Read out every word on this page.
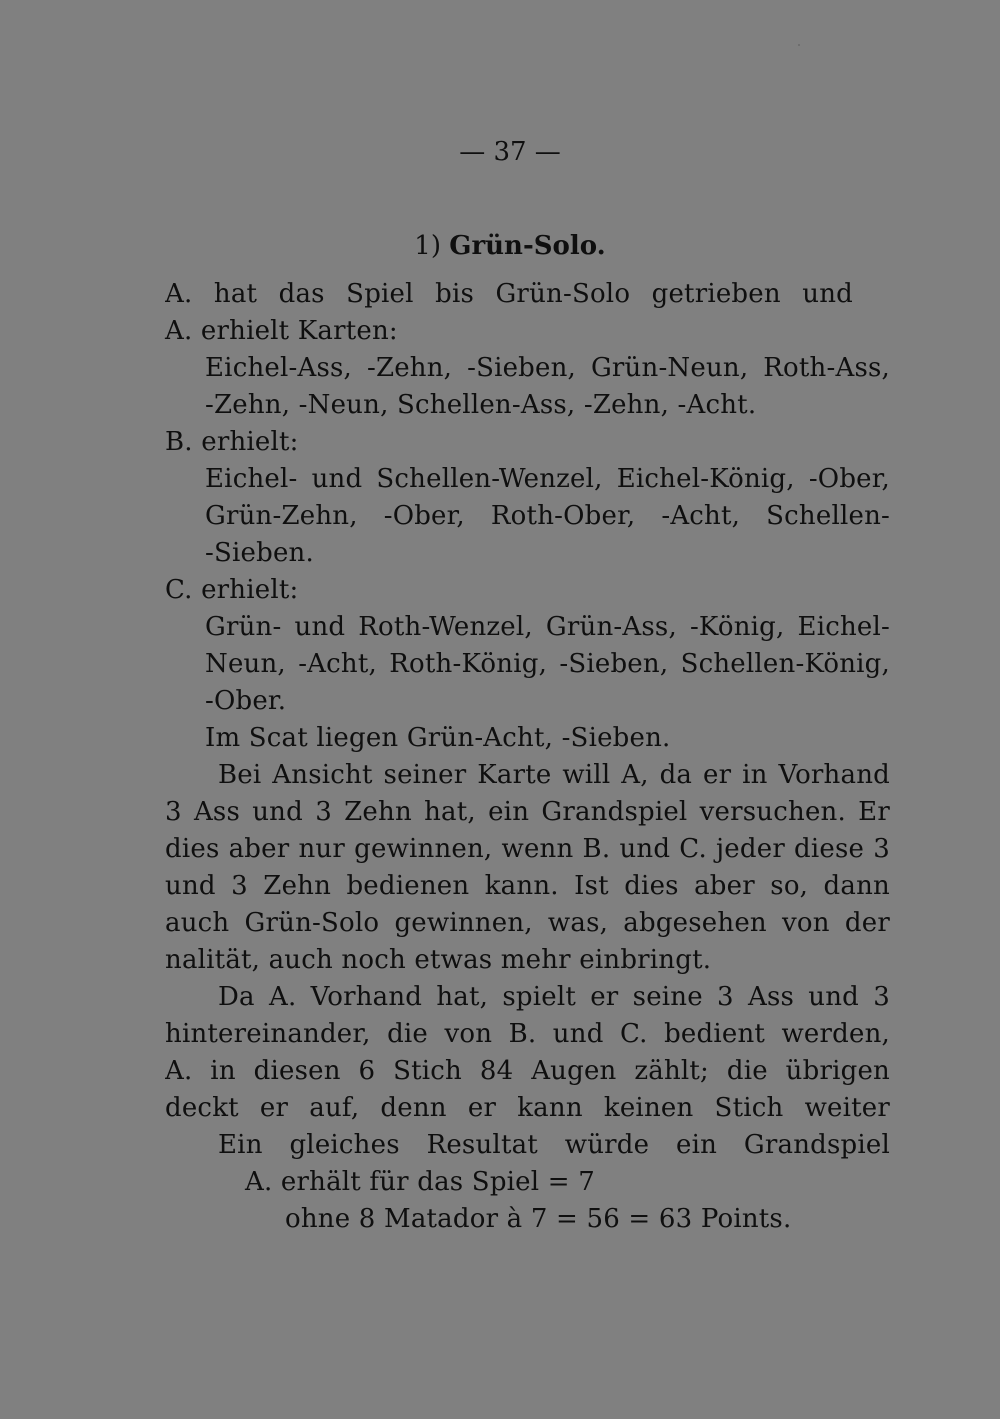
— 37 —
1) Grün-Solo.
A. hat das Spiel bis Grün-Solo getrieben und
A. erhielt Karten:
Eichel-Ass, -Zehn, -Sieben, Grün-Neun, Roth-Ass,
-Zehn, -Neun, Schellen-Ass, -Zehn, -Acht.
B. erhielt:
Eichel- und Schellen-Wenzel, Eichel-König, -Ober,
Grün-Zehn, -Ober, Roth-Ober, -Acht, Schellen-
-Sieben.
C. erhielt:
Grün- und Roth-Wenzel, Grün-Ass, -König, Eichel-
Neun, -Acht, Roth-König, -Sieben, Schellen-König,
-Ober.
Im Scat liegen Grün-Acht, -Sieben.
Bei Ansicht seiner Karte will A, da er in Vorhand
3 Ass und 3 Zehn hat, ein Grandspiel versuchen. Er
dies aber nur gewinnen, wenn B. und C. jeder diese 3
und 3 Zehn bedienen kann. Ist dies aber so, dann
auch Grün-Solo gewinnen, was, abgesehen von der
nalität, auch noch etwas mehr einbringt.
Da A. Vorhand hat, spielt er seine 3 Ass und 3
hintereinander, die von B. und C. bedient werden,
A. in diesen 6 Stich 84 Augen zählt; die übrigen
deckt er auf, denn er kann keinen Stich weiter
Ein gleiches Resultat würde ein Grandspiel
A. erhält für das Spiel = 7
ohne 8 Matador à 7 = 56 = 63 Points.
